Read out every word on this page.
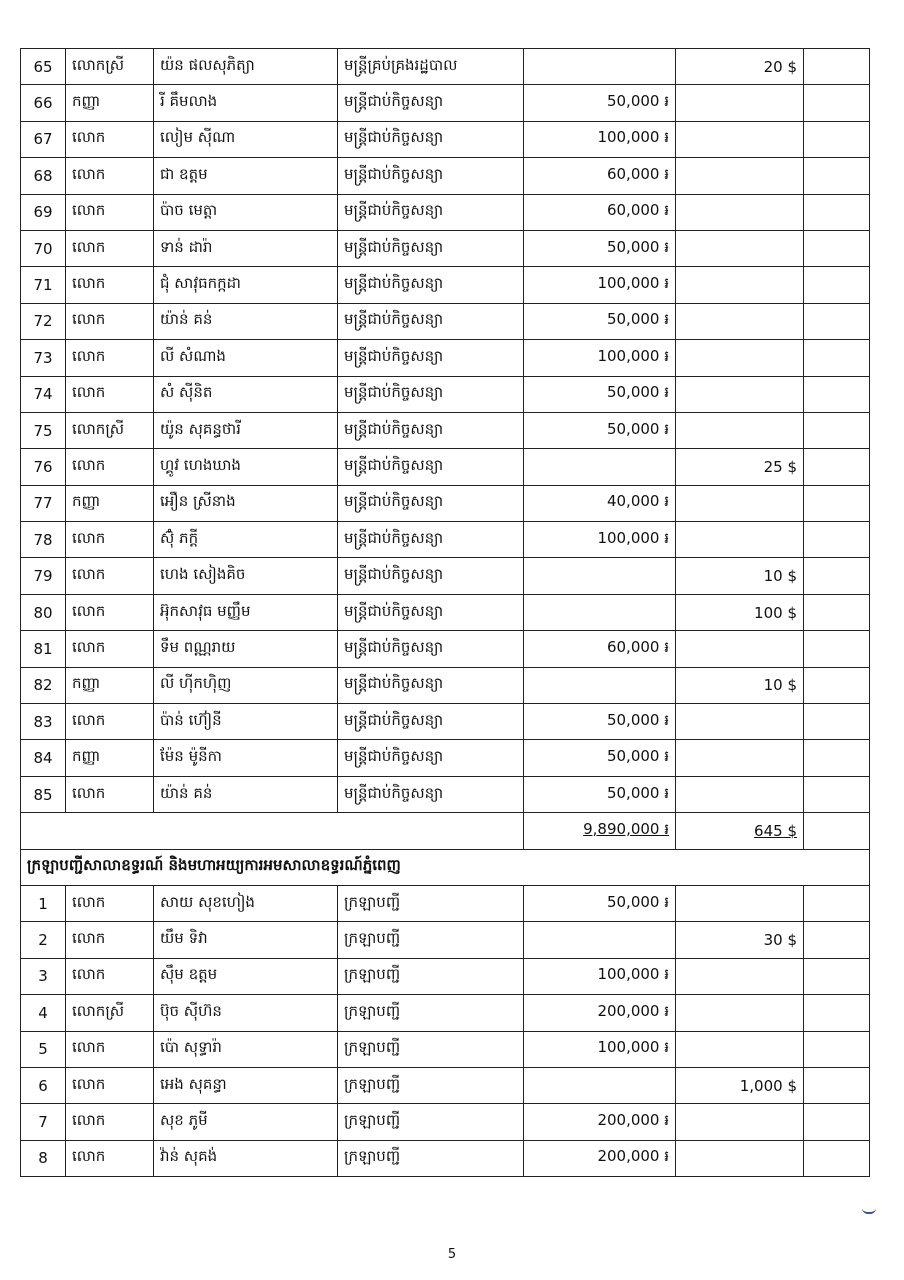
65	លោកស្រី	យ៉ន ផលសុភិត្យា	មន្ត្រីគ្រប់គ្រងរដ្ឋបាល		20 $	
66	កញ្ញា	រី គឹមលាង	មន្ត្រីជាប់កិច្ចសន្យា	50,000 ៛		
67	លោក	លៀម ស៊ីណា	មន្ត្រីជាប់កិច្ចសន្យា	100,000 ៛		
68	លោក	ជា ឧត្តម	មន្ត្រីជាប់កិច្ចសន្យា	60,000 ៛		
69	លោក	ប៉ាច មេត្តា	មន្ត្រីជាប់កិច្ចសន្យា	60,000 ៛		
70	លោក	ទាន់ ដារ៉ា	មន្ត្រីជាប់កិច្ចសន្យា	50,000 ៛		
71	លោក	ជុំ សាវុធកក្កដា	មន្ត្រីជាប់កិច្ចសន្យា	100,000 ៛		
72	លោក	យ៉ាន់ គន់	មន្ត្រីជាប់កិច្ចសន្យា	50,000 ៛		
73	លោក	លី សំណាង	មន្ត្រីជាប់កិច្ចសន្យា	100,000 ៛		
74	លោក	សំ ស៊ីនិត	មន្ត្រីជាប់កិច្ចសន្យា	50,000 ៛		
75	លោកស្រី	យ៉ូន សុគន្ធថារី	មន្ត្រីជាប់កិច្ចសន្យា	50,000 ៛		
76	លោក	ហ្គូវ ហេងឃាង	មន្ត្រីជាប់កិច្ចសន្យា		25 $	
77	កញ្ញា	អឿន ស្រីនាង	មន្ត្រីជាប់កិច្ចសន្យា	40,000 ៛		
78	លោក	ស៊ុំ ភក្តី	មន្ត្រីជាប់កិច្ចសន្យា	100,000 ៛		
79	លោក	ហេង សៀងគិច	មន្ត្រីជាប់កិច្ចសន្យា		10 $	
80	លោក	អ៊ុកសាវុធ មញ្ញឹម	មន្ត្រីជាប់កិច្ចសន្យា		100 $	
81	លោក	ទឹម ពណ្ណរាយ	មន្ត្រីជាប់កិច្ចសន្យា	60,000 ៛		
82	កញ្ញា	លី ហ៊ីកហ៊ិញ	មន្ត្រីជាប់កិច្ចសន្យា		10 $	
83	លោក	ប៉ាន់ ហ៊ៀនី	មន្ត្រីជាប់កិច្ចសន្យា	50,000 ៛		
84	កញ្ញា	ម៉ែន ម៉ូនីកា	មន្ត្រីជាប់កិច្ចសន្យា	50,000 ៛		
85	លោក	យ៉ាន់ គន់	មន្ត្រីជាប់កិច្ចសន្យា	50,000 ៛		
				9,890,000 ៛	645 $	
ក្រឡាបញ្ជីសាលាឧទ្ធរណ៍ និងមហាអយ្យការអមសាលាឧទ្ធរណ៍ភ្នំពេញ						
1	លោក	សាយ សុខហៀង	ក្រឡាបញ្ជី	50,000 ៛		
2	លោក	យឹម ទិវា	ក្រឡាបញ្ជី		30 $	
3	លោក	ស៊ឹម ឧត្តម	ក្រឡាបញ្ជី	100,000 ៛		
4	លោកស្រី	ប៊ុច ស៊ីហ៊ន	ក្រឡាបញ្ជី	200,000 ៛		
5	លោក	ប៉ោ សុទ្ធារ៉ា	ក្រឡាបញ្ជី	100,000 ៛		
6	លោក	អេង សុគន្ធា	ក្រឡាបញ្ជី		1,000 $	
7	លោក	សុខ ភូមី	ក្រឡាបញ្ជី	200,000 ៛		
8	លោក	វ៉ាន់ សុគង់	ក្រឡាបញ្ជី	200,000 ៛		
5
